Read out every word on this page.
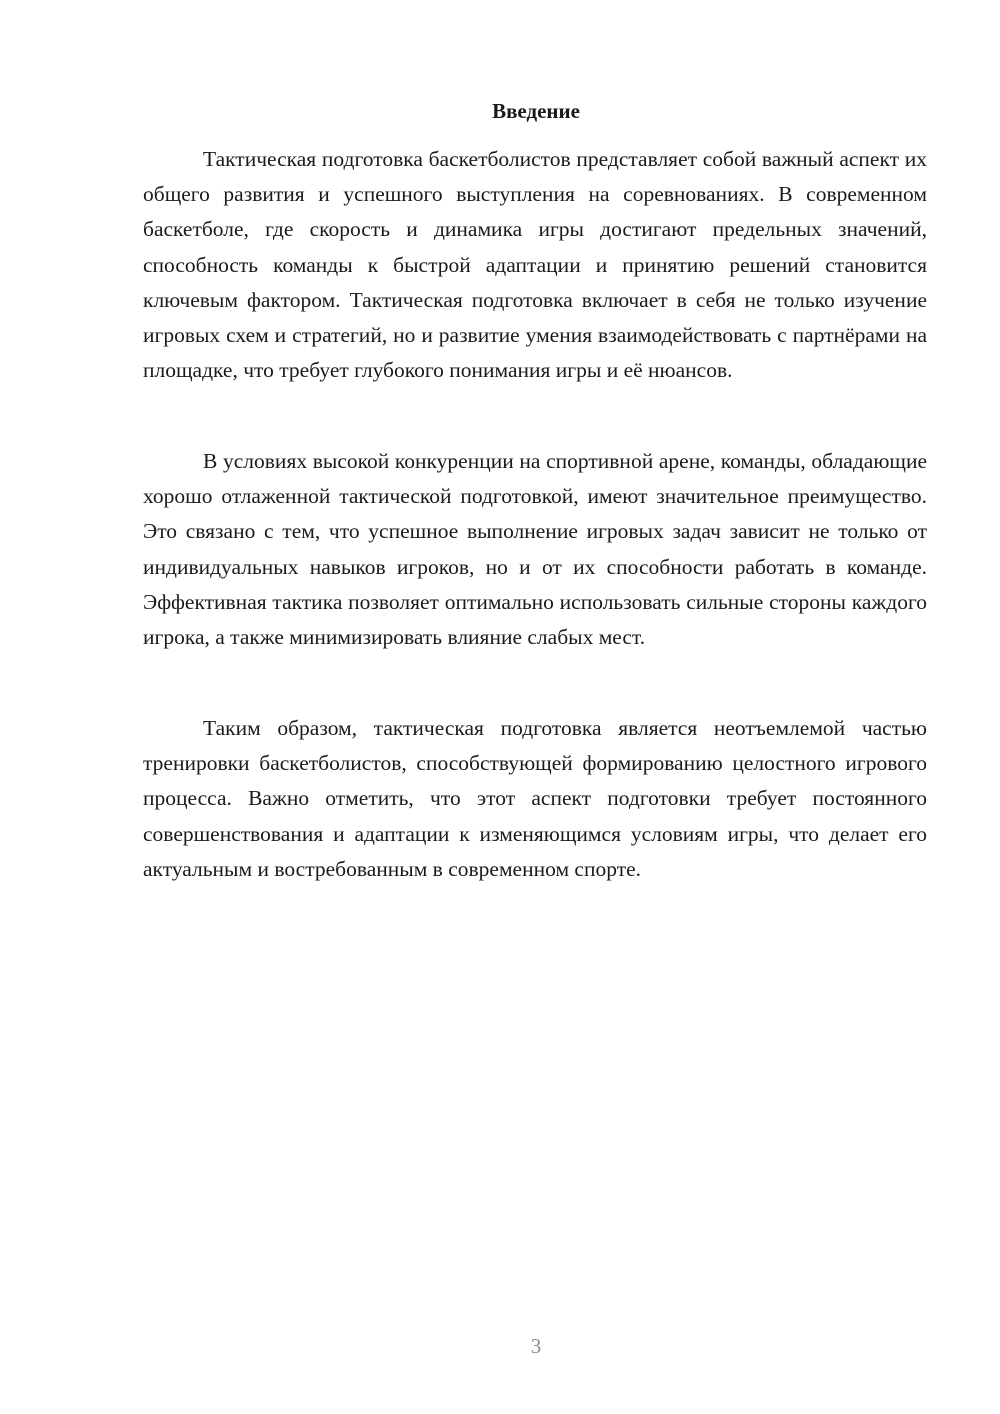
Введение

Тактическая подготовка баскетболистов представляет собой важный аспект их общего развития и успешного выступления на соревнованиях. В современном баскетболе, где скорость и динамика игры достигают предельных значений, способность команды к быстрой адаптации и принятию решений становится ключевым фактором. Тактическая подготовка включает в себя не только изучение игровых схем и стратегий, но и развитие умения взаимодействовать с партнёрами на площадке, что требует глубокого понимания игры и её нюансов.

В условиях высокой конкуренции на спортивной арене, команды, обладающие хорошо отлаженной тактической подготовкой, имеют значительное преимущество. Это связано с тем, что успешное выполнение игровых задач зависит не только от индивидуальных навыков игроков, но и от их способности работать в команде. Эффективная тактика позволяет оптимально использовать сильные стороны каждого игрока, а также минимизировать влияние слабых мест.

Таким образом, тактическая подготовка является неотъемлемой частью тренировки баскетболистов, способствующей формированию целостного игрового процесса. Важно отметить, что этот аспект подготовки требует постоянного совершенствования и адаптации к изменяющимся условиям игры, что делает его актуальным и востребованным в современном спорте.

3
